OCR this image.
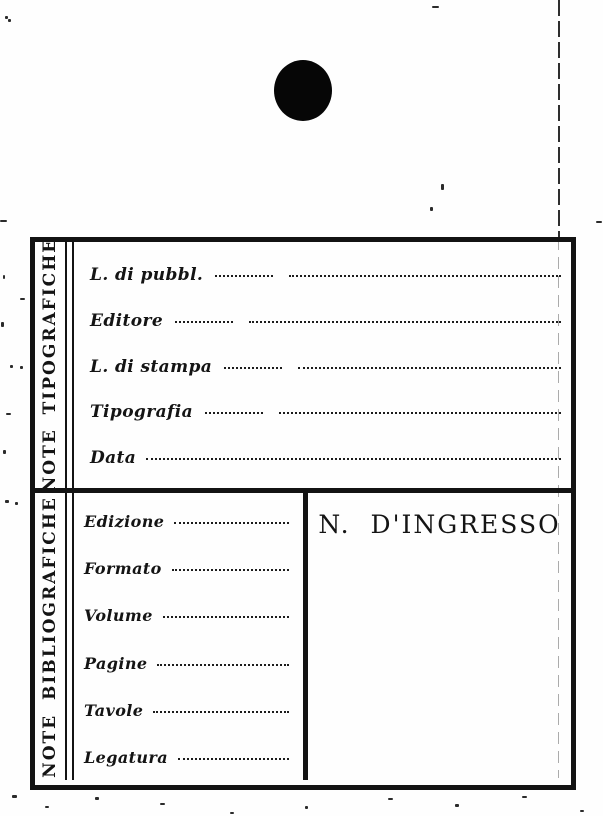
NOTE TIPOGRAFICHE L. di pubbl.
Editore
L. di stampa
Tipografia
Data
NOTE BIBLIOGRAFICHE Edizione
Formato
Volume
Pagine
Tavole
Legatura
N. D'INGRESSO
